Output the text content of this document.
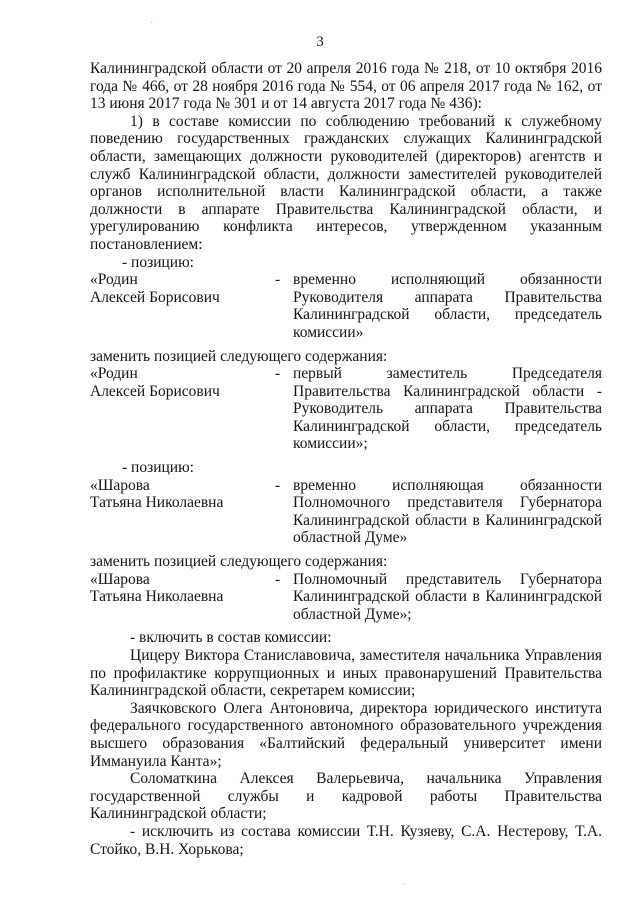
3

Калининградской области от 20 апреля 2016 года № 218, от 10 октября 2016 года № 466, от 28 ноября 2016 года № 554, от 06 апреля 2017 года № 162, от 13 июня 2017 года № 301 и от 14 августа 2017 года № 436):

1) в составе комиссии по соблюдению требований к служебному поведению государственных гражданских служащих Калининградской области, замещающих должности руководителей (директоров) агентств и служб Калининградской области, должности заместителей руководителей органов исполнительной власти Калининградской области, а также должности в аппарате Правительства Калининградской области, и урегулированию конфликта интересов, утвержденном указанным постановлением:

- позицию:

«Родин
Алексей Борисович
- временно исполняющий обязанности Руководителя аппарата Правительства Калининградской области, председатель комиссии»

заменить позицией следующего содержания:

«Родин
Алексей Борисович
- первый заместитель Председателя Правительства Калининградской области - Руководитель аппарата Правительства Калининградской области, председатель комиссии»;

- позицию:

«Шарова
Татьяна Николаевна
- временно исполняющая обязанности Полномочного представителя Губернатора Калининградской области в Калининградской областной Думе»

заменить позицией следующего содержания:

«Шарова
Татьяна Николаевна
- Полномочный представитель Губернатора Калининградской области в Калининградской областной Думе»;

- включить в состав комиссии:

Цицеру Виктора Станиславовича, заместителя начальника Управления по профилактике коррупционных и иных правонарушений Правительства Калининградской области, секретарем комиссии;

Заячковского Олега Антоновича, директора юридического института федерального государственного автономного образовательного учреждения высшего образования «Балтийский федеральный университет имени Иммануила Канта»;

Соломаткина Алексея Валерьевича, начальника Управления государственной службы и кадровой работы Правительства Калининградской области;

- исключить из состава комиссии Т.Н. Кузяеву, С.А. Нестерову, Т.А. Стойко, В.Н. Хорькова;

·
·
